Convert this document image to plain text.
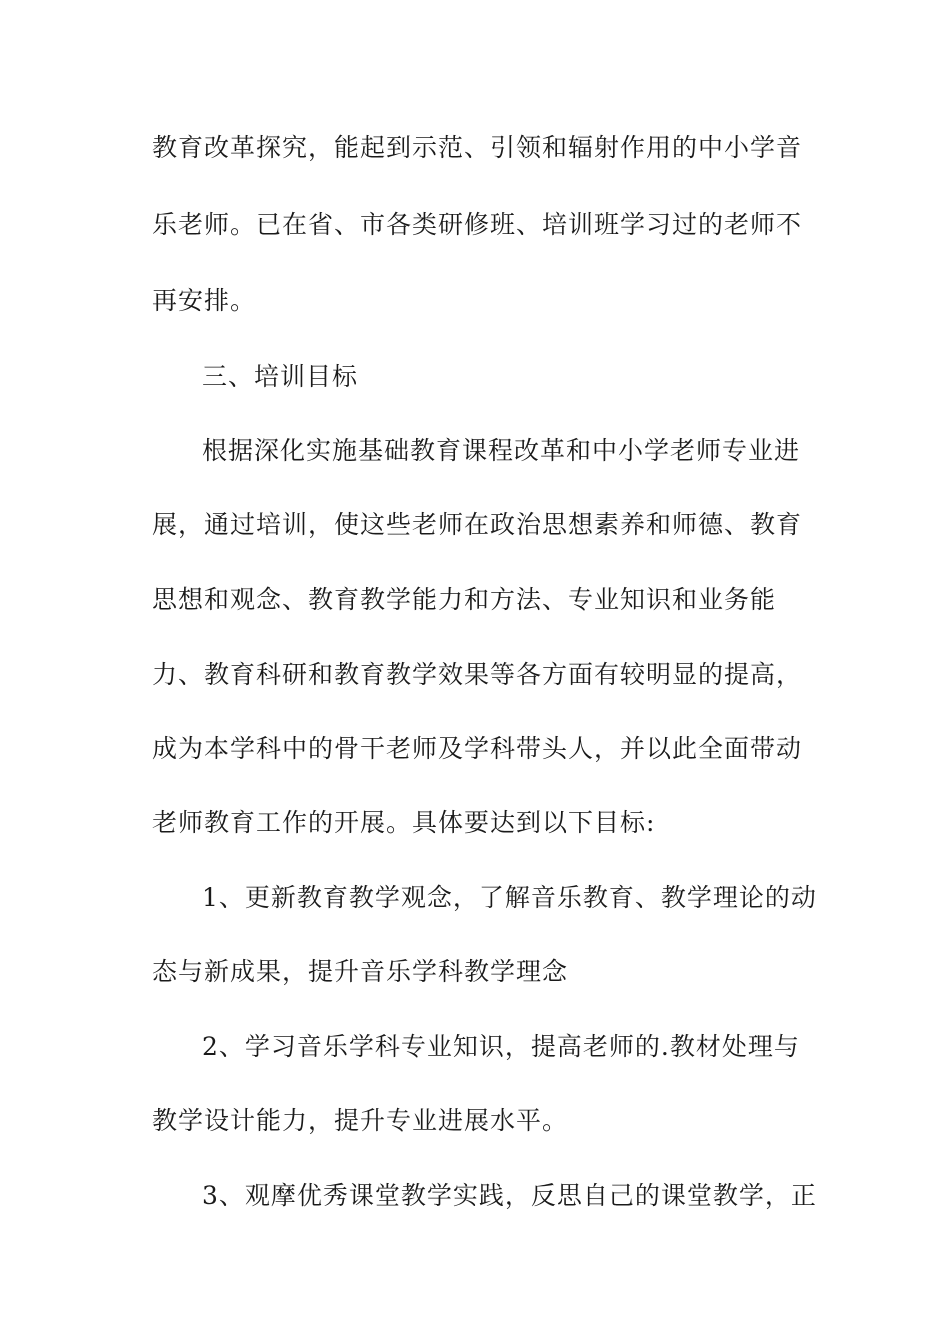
教育改革探究，能起到示范、引领和辐射作用的中小学音
乐老师。已在省、市各类研修班、培训班学习过的老师不
再安排。
三、培训目标
根据深化实施基础教育课程改革和中小学老师专业进
展，通过培训，使这些老师在政治思想素养和师德、教育
思想和观念、教育教学能力和方法、专业知识和业务能
力、教育科研和教育教学效果等各方面有较明显的提高，
成为本学科中的骨干老师及学科带头人，并以此全面带动
老师教育工作的开展。具体要达到以下目标:
1、更新教育教学观念，了解音乐教育、教学理论的动
态与新成果，提升音乐学科教学理念
2、学习音乐学科专业知识，提高老师的.教材处理与
教学设计能力，提升专业进展水平。
3、观摩优秀课堂教学实践，反思自己的课堂教学，正
